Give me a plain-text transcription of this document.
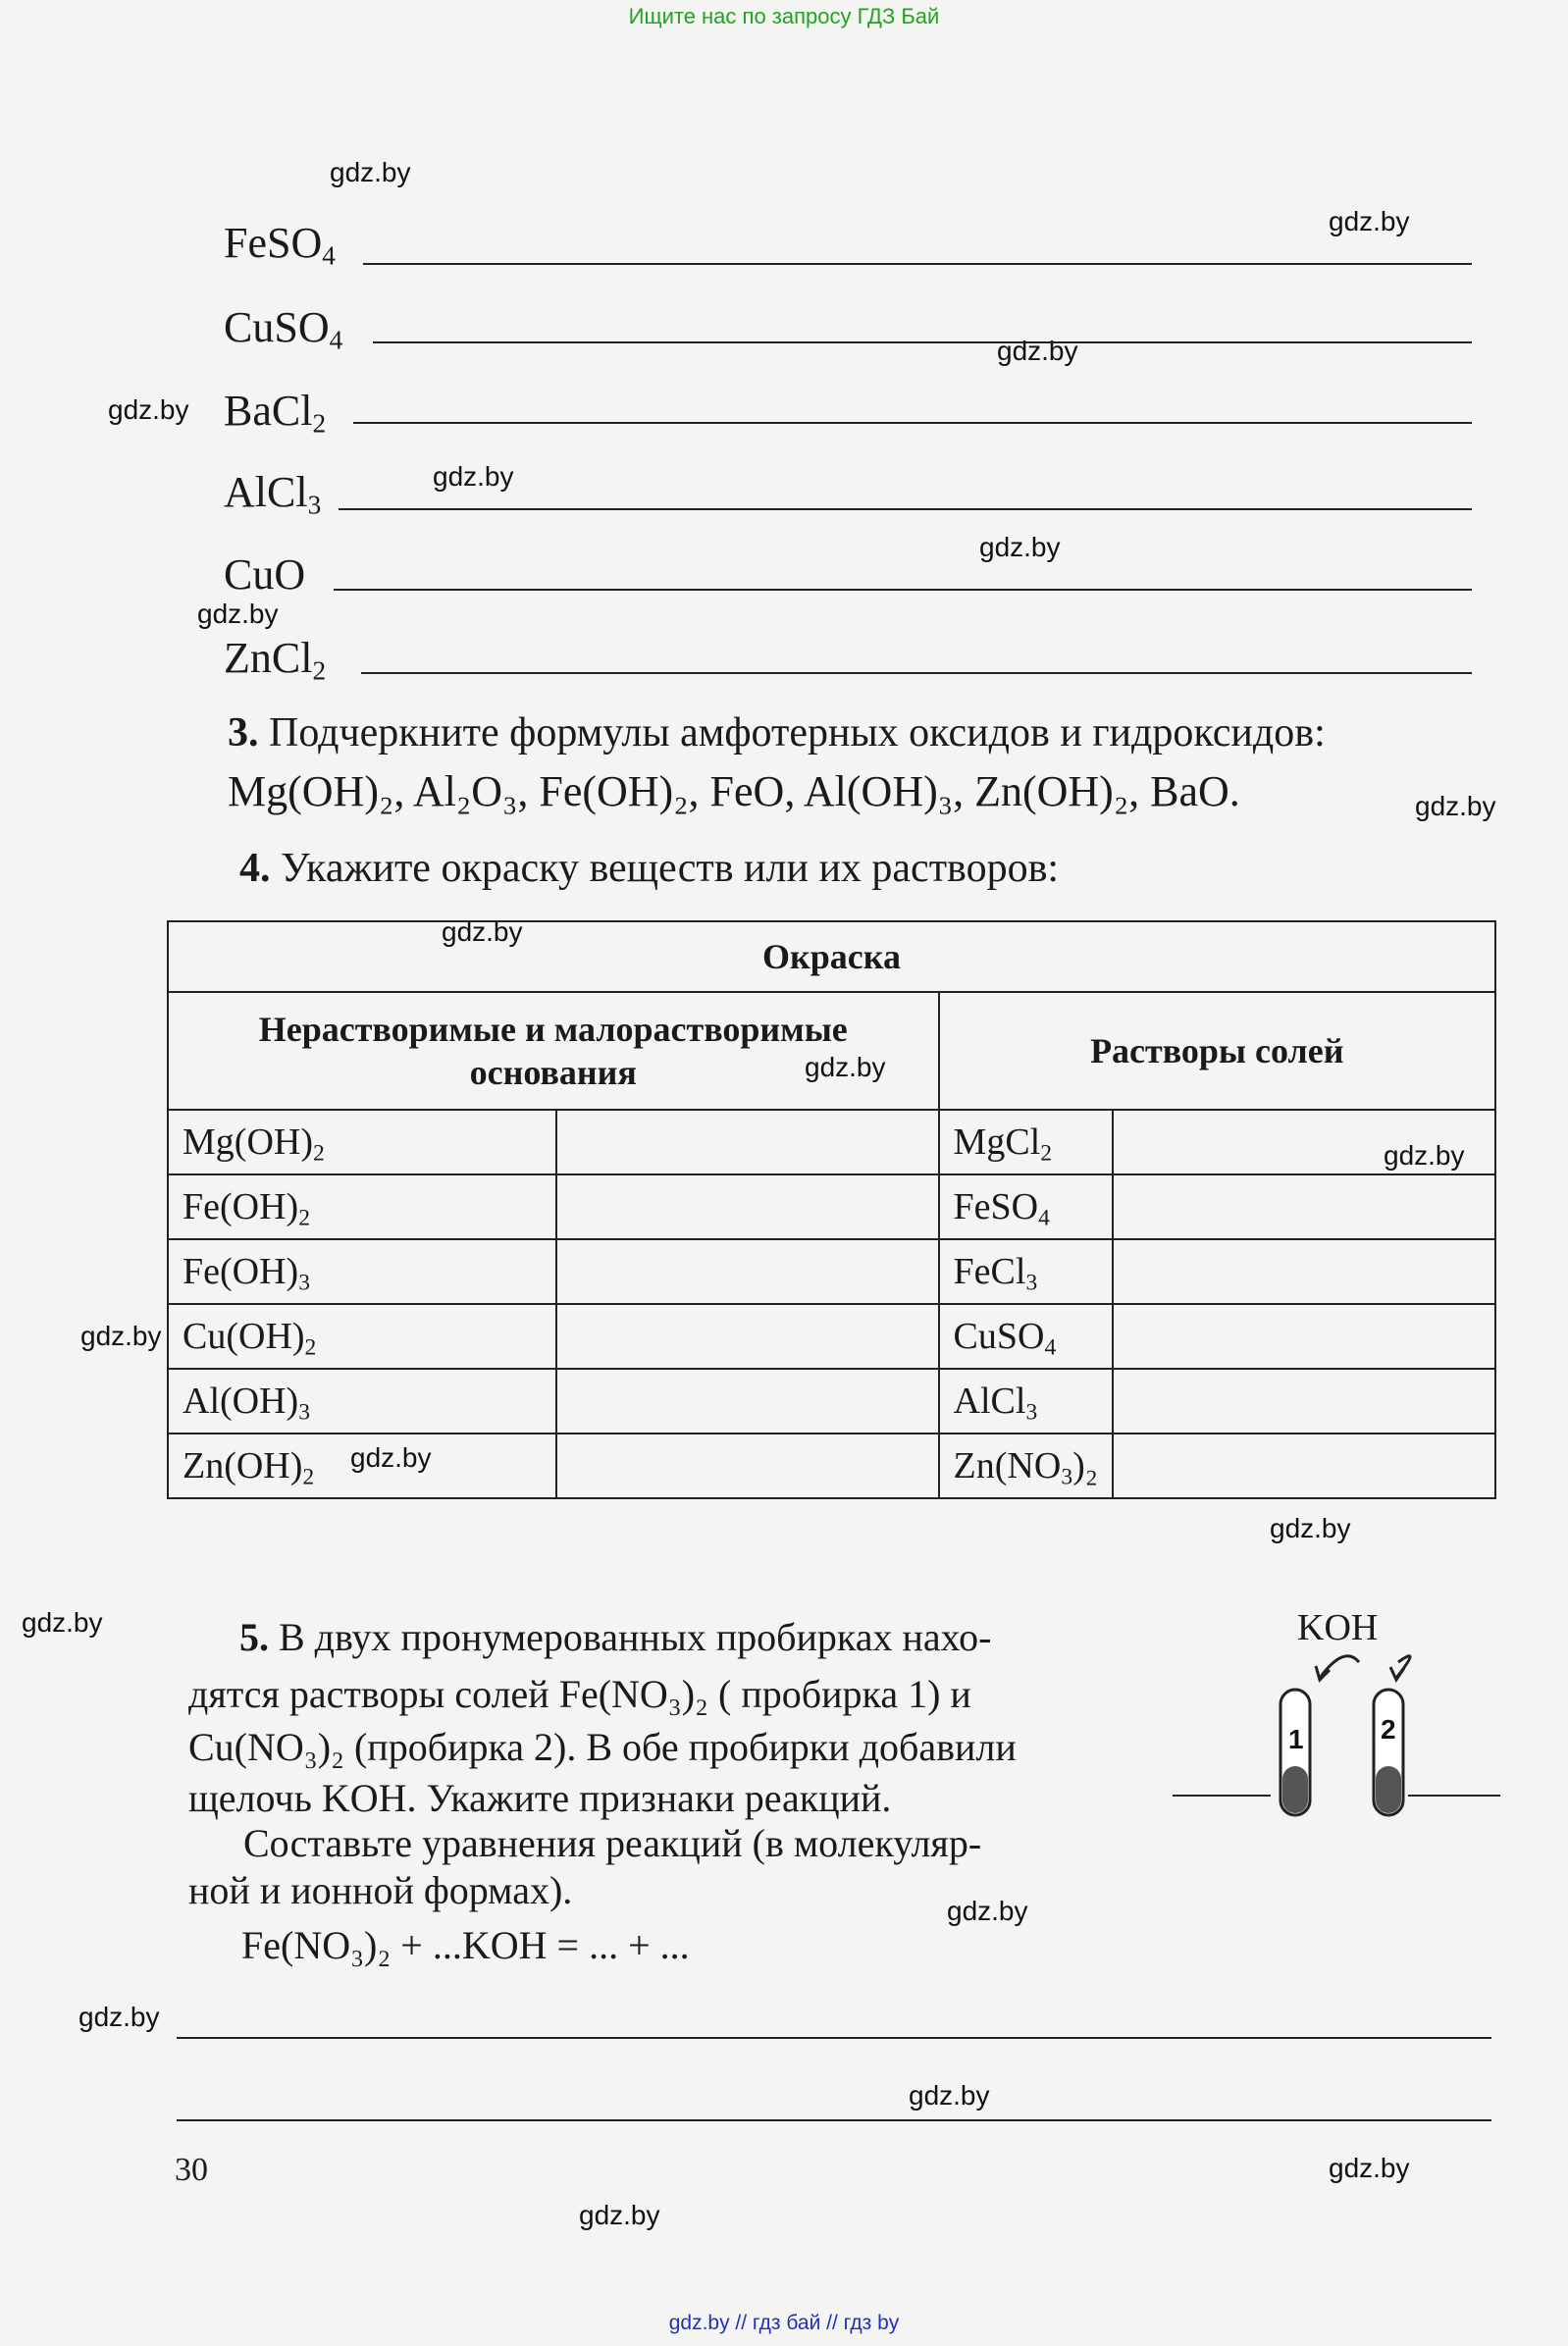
Ищите нас по запросу ГДЗ Бай
gdz.by
gdz.by
gdz.by
gdz.by
gdz.by
gdz.by
gdz.by
gdz.by
gdz.by
gdz.by
gdz.by
gdz.by
gdz.by
gdz.by
gdz.by
gdz.by
gdz.by
gdz.by
gdz.by
gdz.by
FeSO$_4$
CuSO$_4$
BaCl$_2$
AlCl$_3$
CuO
ZnCl$_2$
3. Подчеркните формулы амфотерных оксидов и гидроксидов:
Mg(OH)₂, Al₂O₃, Fe(OH)₂, FeO, Al(OH)₃, Zn(OH)₂, BaO.
4. Укажите окраску веществ или их растворов:
Окраска			
Нерастворимые и малорастворимые основания		Растворы солей	
$Mg(OH)_2$		MgCl$_2$	
$Fe(OH)_2$		FeSO$_4$	
$Fe(OH)_3$		FeCl$_3$	
$Cu(OH)_2$		CuSO$_4$	
$Al(OH)_3$		AlCl$_3$	
$Zn(OH)_2$		$Zn(NO_3)_2$	
5. В двух пронумерованных пробирках нахо-
дятся растворы солей Fe(NO₃)₂ ( пробирка 1) и
Cu(NO₃)₂ (пробирка 2). В обе пробирки добавили
щелочь KOH. Укажите признаки реакций.
Составьте уравнения реакций (в молекуляр-
ной и ионной формах).
Fe(NO₃)₂ + ...KOH = ... + ...
KOH
1	2
30
gdz.by // гдз бай // гдз by
